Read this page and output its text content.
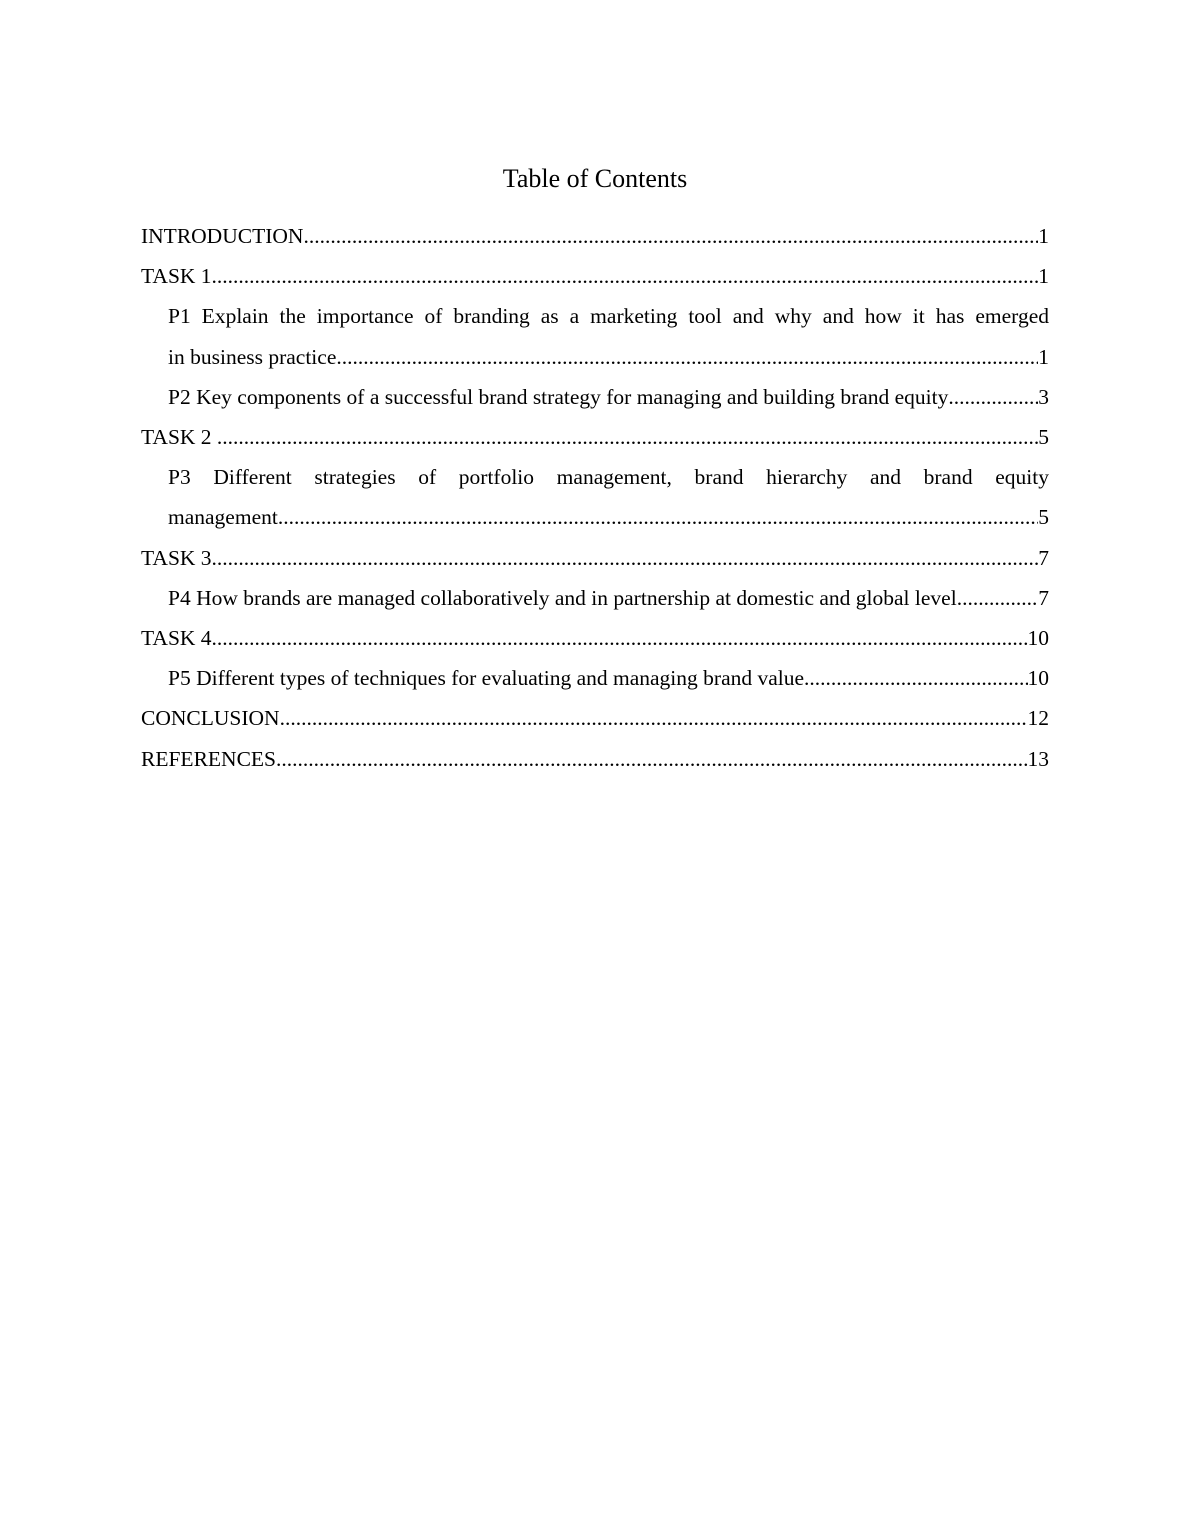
Table of Contents
INTRODUCTION .....	1
TASK 1 .....	1
P1 Explain the importance of branding as a marketing tool and why and how it has emerged
in business practice .....	1
P2 Key components of a successful brand strategy for managing and building brand equity .....	3
TASK 2 .....	5
P3 Different strategies of portfolio management, brand hierarchy and brand equity
management .....	5
TASK 3 .....	7
P4 How brands are managed collaboratively and in partnership at domestic and global level .....	7
TASK 4 .....	10
P5 Different types of techniques for evaluating and managing brand value .....	10
CONCLUSION .....	12
REFERENCES .....	13
